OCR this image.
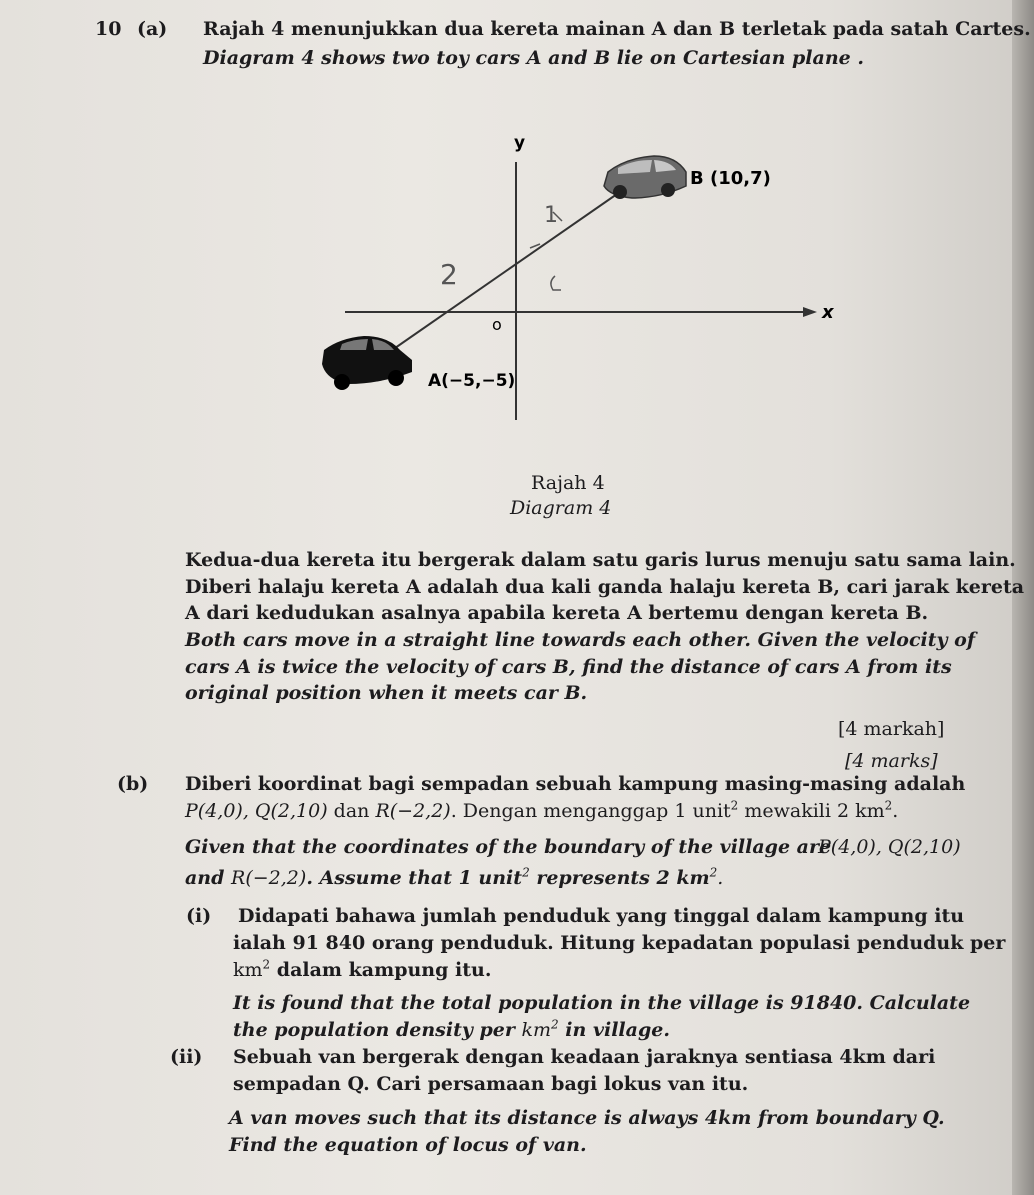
10 (a) Rajah 4 menunjukkan dua kereta mainan A dan B terletak pada satah Cartes.
Diagram 4 shows two toy cars A and B lie on Cartesian plane .
1
2
y
x
o
B (10,7)
A(−5,−5)
Rajah 4
Diagram 4
Kedua-dua kereta itu bergerak dalam satu garis lurus menuju satu sama lain.
Diberi halaju kereta A adalah dua kali ganda halaju kereta B, cari jarak kereta
A dari kedudukan asalnya apabila kereta A bertemu dengan kereta B.
Both cars move in a straight line towards each other. Given the velocity of
cars A is twice the velocity of cars B, find the distance of cars A from its
original position when it meets car B.
[4 markah]
[4 marks]
(b) Diberi koordinat bagi sempadan sebuah kampung masing-masing adalah
P(4,0), Q(2,10) dan R(−2,2). Dengan menganggap 1 unit$^2$ mewakili 2 $km^2$.
Given that the coordinates of the boundary of the village are
P(4,0), Q(2,10)
and R(−2,2). Assume that 1 unit$^2$ represents 2 $km^2$.
(i) Didapati bahawa jumlah penduduk yang tinggal dalam kampung itu
ialah 91 840 orang penduduk. Hitung kepadatan populasi penduduk per
$km^2$ dalam kampung itu.
It is found that the total population in the village is 91840. Calculate
the population density per $km^2$ in village.
(ii) Sebuah van bergerak dengan keadaan jaraknya sentiasa 4km dari
sempadan Q. Cari persamaan bagi lokus van itu.
A van moves such that its distance is always 4km from boundary Q.
Find the equation of locus of van.
